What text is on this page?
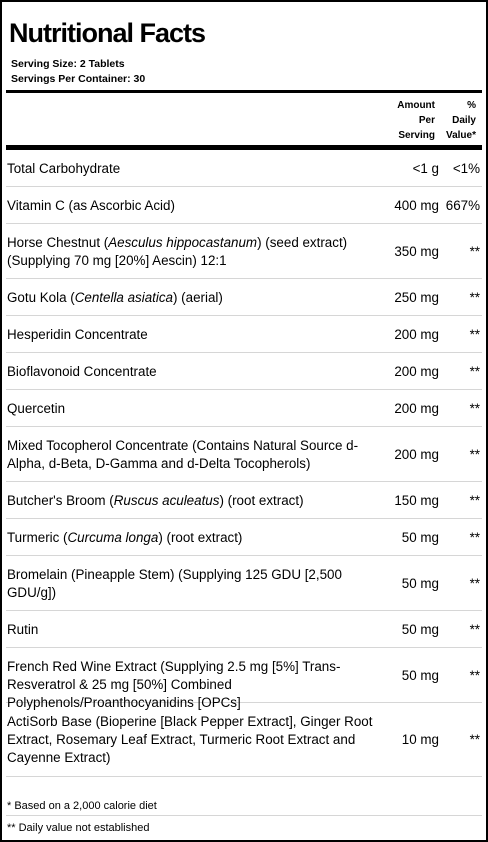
Nutritional Facts
Serving Size: 2 Tablets
Servings Per Container: 30
Amount
Per
Serving
%
Daily
Value*
Total Carbohydrate	<1 g	<1%
Vitamin C (as Ascorbic Acid)	400 mg 667%
Horse Chestnut (Aesculus hippocastanum) (seed extract) (Supplying 70 mg [20%] Aescin) 12:1
350 mg	**
Gotu Kola (Centella asiatica) (aerial)	250 mg	**
Hesperidin Concentrate	200 mg	**
Bioflavonoid Concentrate	200 mg	**
Quercetin	200 mg	**
Mixed Tocopherol Concentrate (Contains Natural Source d-Alpha, d-Beta, D-Gamma and d-Delta Tocopherols)
200 mg	**
Butcher's Broom (Ruscus aculeatus) (root extract)	150 mg	**
Turmeric (Curcuma longa) (root extract)	50 mg	**
Bromelain (Pineapple Stem) (Supplying 125 GDU [2,500 GDU/g])
50 mg	**
Rutin	50 mg	**
French Red Wine Extract (Supplying 2.5 mg [5%] Trans-Resveratrol & 25 mg [50%] Combined Polyphenols/Proanthocyanidins [OPCs]
50 mg	**
ActiSorb Base (Bioperine [Black Pepper Extract], Ginger Root Extract, Rosemary Leaf Extract, Turmeric Root Extract and Cayenne Extract)
10 mg	**
* Based on a 2,000 calorie diet
** Daily value not established
